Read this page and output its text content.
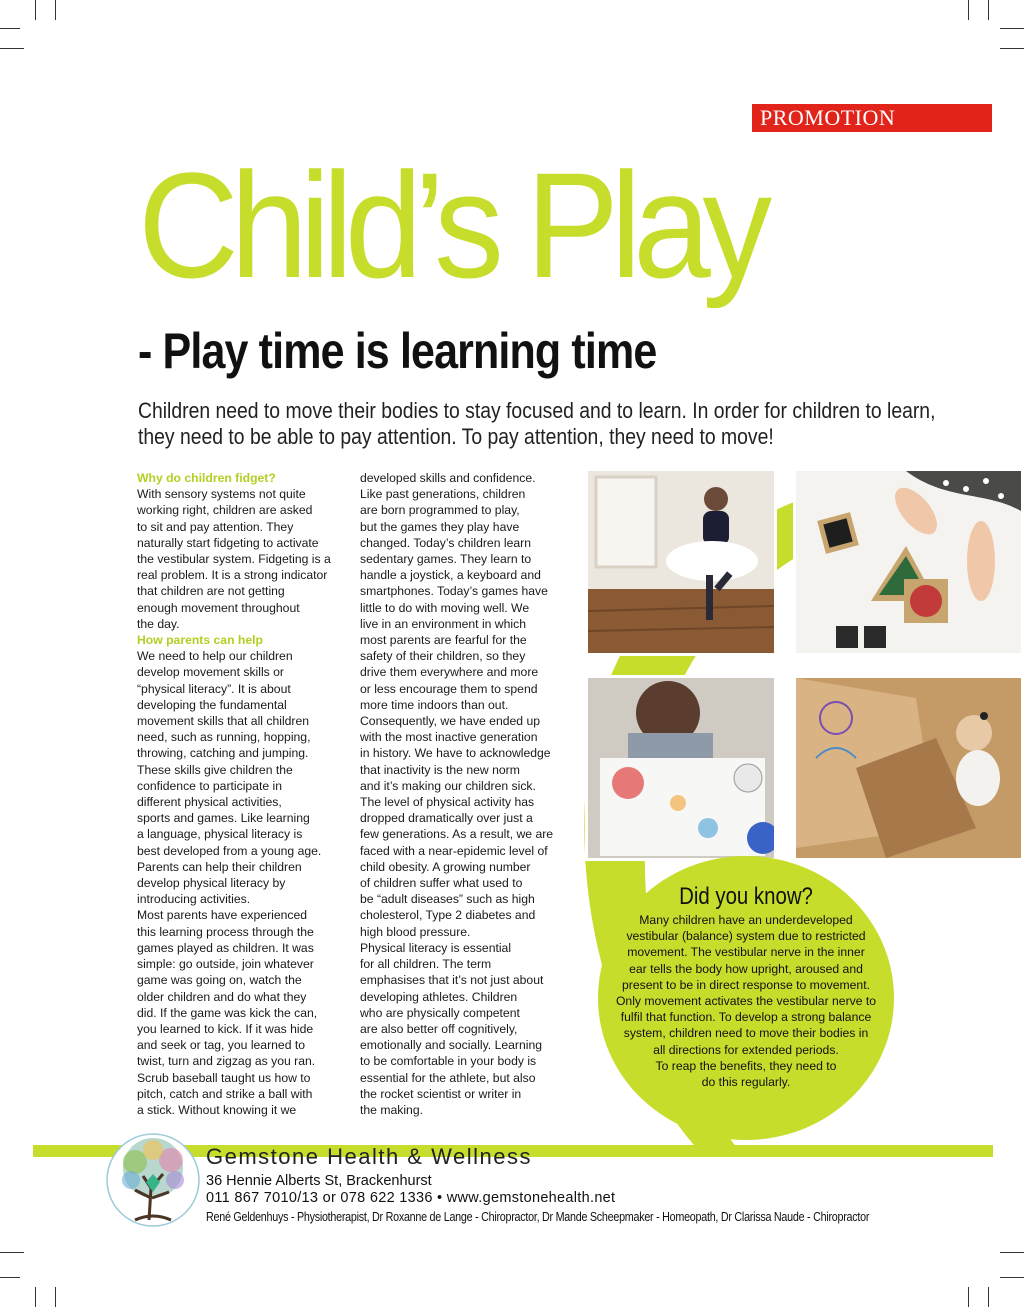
PROMOTION
Child’s Play
- Play time is learning time
Children need to move their bodies to stay focused and to learn. In order for children to learn,
they need to be able to pay attention. To pay attention, they need to move!
Why do children fidget?

With sensory systems not quite
working right, children are asked
to sit and pay attention. They
naturally start fidgeting to activate
the vestibular system. Fidgeting is a
real problem. It is a strong indicator
that children are not getting
enough movement throughout
the day.

How parents can help

We need to help our children
develop movement skills or
“physical literacy”. It is about
developing the fundamental
movement skills that all children
need, such as running, hopping,
throwing, catching and jumping.
These skills give children the
confidence to participate in
different physical activities,
sports and games. Like learning
a language, physical literacy is
best developed from a young age.
Parents can help their children
develop physical literacy by
introducing activities.
Most parents have experienced
this learning process through the
games played as children. It was
simple: go outside, join whatever
game was going on, watch the
older children and do what they
did. If the game was kick the can,
you learned to kick. If it was hide
and seek or tag, you learned to
twist, turn and zigzag as you ran.
Scrub baseball taught us how to
pitch, catch and strike a ball with
a stick. Without knowing it we

developed skills and confidence.
Like past generations, children
are born programmed to play,
but the games they play have
changed. Today’s children learn
sedentary games. They learn to
handle a joystick, a keyboard and
smartphones. Today’s games have
little to do with moving well. We
live in an environment in which
most parents are fearful for the
safety of their children, so they
drive them everywhere and more
or less encourage them to spend
more time indoors than out.
Consequently, we have ended up
with the most inactive generation
in history. We have to acknowledge
that inactivity is the new norm
and it’s making our children sick.
The level of physical activity has
dropped dramatically over just a
few generations. As a result, we are
faced with a near-epidemic level of
child obesity. A growing number
of children suffer what used to
be “adult diseases” such as high
cholesterol, Type 2 diabetes and
high blood pressure.
Physical literacy is essential
for all children. The term
emphasises that it’s not just about
developing athletes. Children
who are physically competent
are also better off cognitively,
emotionally and socially. Learning
to be comfortable in your body is
essential for the athlete, but also
the rocket scientist or writer in
the making.

Did you know?
Many children have an underdeveloped
vestibular (balance) system due to restricted
movement. The vestibular nerve in the inner
ear tells the body how upright, aroused and
present to be in direct response to movement.
Only movement activates the vestibular nerve to
fulfil that function. To develop a strong balance
system, children need to move their bodies in
all directions for extended periods.
To reap the benefits, they need to
do this regularly.
Gemstone Health & Wellness
36 Hennie Alberts St, Brackenhurst
011 867 7010/13 or 078 622 1336 • www.gemstonehealth.net
René Geldenhuys - Physiotherapist, Dr Roxanne de Lange - Chiropractor, Dr Mande Scheepmaker - Homeopath, Dr Clarissa Naude - Chiropractor
